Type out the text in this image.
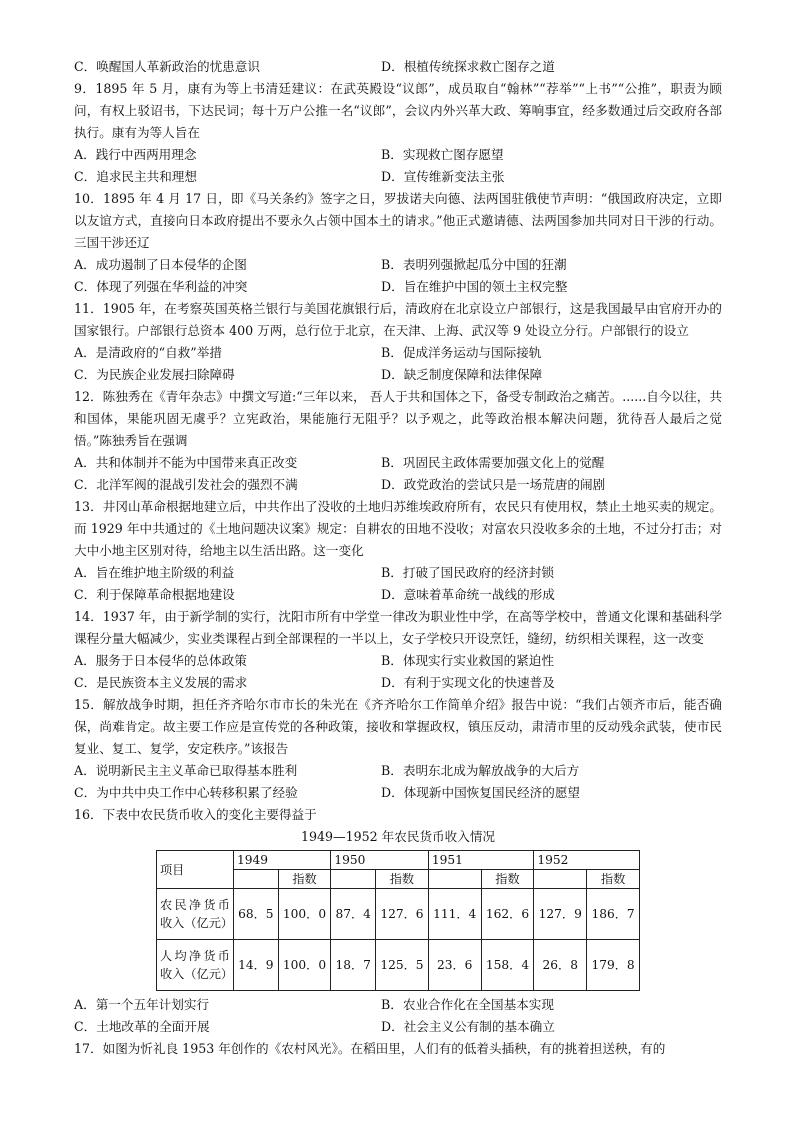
C．唤醒国人革新政治的忧患意识	D．根植传统探求救亡图存之道

9．1895 年 5 月，康有为等上书清廷建议：在武英殿设“议郎”，成员取自“翰林”“荐举”“上书”“公推”，职责为顾问，有权上驳诏书，下达民词；每十万户公推一名“议郎”，会议内外兴革大政、筹响事宜，经多数通过后交政府各部执行。康有为等人旨在

A．践行中西两用理念	B．实现救亡图存愿望

C．追求民主共和理想	D．宣传维新变法主张

10．1895 年 4 月 17 日，即《马关条约》签字之日，罗拔诺夫向德、法两国驻俄使节声明：“俄国政府决定，立即以友谊方式，直接向日本政府提出不要永久占领中国本土的请求。”他正式邀请德、法两国参加共同对日干涉的行动。三国干涉还辽

A．成功遏制了日本侵华的企图	B．表明列强掀起瓜分中国的狂潮

C．体现了列强在华利益的冲突	D．旨在维护中国的领土主权完整

11．1905 年，在考察英国英格兰银行与美国花旗银行后，清政府在北京设立户部银行，这是我国最早由官府开办的国家银行。户部银行总资本 400 万两，总行位于北京，在天津、上海、武汉等 9 处设立分行。户部银行的设立

A．是清政府的“自救”举措	B．促成洋务运动与国际接轨

C．为民族企业发展扫除障碍	D．缺乏制度保障和法律保障

12．陈独秀在《青年杂志》中撰文写道:“三年以来， 吾人于共和国体之下，备受专制政治之痛苦。......自今以往，共和国体，果能巩固无虞乎？立宪政治，果能施行无阻乎？以予观之，此等政治根本解决问题，犹待吾人最后之觉悟。”陈独秀旨在强调

A．共和体制并不能为中国带来真正改变	B．巩固民主政体需要加强文化上的觉醒

C．北洋军阀的混战引发社会的强烈不满	D．政党政治的尝试只是一场荒唐的闹剧

13．井冈山革命根据地建立后，中共作出了没收的土地归苏维埃政府所有，农民只有使用权，禁止土地买卖的规定。而 1929 年中共通过的《土地问题决议案》规定：自耕农的田地不没收；对富农只没收多余的土地，不过分打击；对大中小地主区别对待，给地主以生活出路。这一变化

A．旨在维护地主阶级的利益	B．打破了国民政府的经济封锁

C．利于保障革命根据地建设	D．意味着革命统一战线的形成

14．1937 年，由于新学制的实行，沈阳市所有中学堂一律改为职业性中学，在高等学校中，普通文化课和基础科学课程分量大幅减少，实业类课程占到全部课程的一半以上，女子学校只开设烹饪，缝纫，纺织相关课程，这一改变

A．服务于日本侵华的总体政策	B．体现实行实业救国的紧迫性

C．是民族资本主义发展的需求	D．有利于实现文化的快速普及

15．解放战争时期，担任齐齐哈尔市市长的朱光在《齐齐哈尔工作简单介绍》报告中说：“我们占领齐市后，能否确保，尚难肯定。故主要工作应是宣传党的各种政策，接收和掌握政权，镇压反动，肃清市里的反动残余武装，使市民复业、复工、复学，安定秩序。”该报告

A．说明新民主主义革命已取得基本胜利	B．表明东北成为解放战争的大后方

C．为中共中央工作中心转移积累了经验	D．体现新中国恢复国民经济的愿望

16．下表中农民货币收入的变化主要得益于

1949—1952 年农民货币收入情况

项目	1949		1950		1951		1952	
		指数		指数		指数		指数
农民净货币收入（亿元）	68．5	100．0	87．4	127．6	111．4	162．6	127．9	186．7
人均净货币收入（亿元）	14．9	100．0	18．7	125．5	23．6	158．4	26．8	179．8

A．第一个五年计划实行	B．农业合作化在全国基本实现

C．土地改革的全面开展	D．社会主义公有制的基本确立

17．如图为忻礼良 1953 年创作的《农村风光》。在稻田里，人们有的低着头插秧，有的挑着担送秧，有的
